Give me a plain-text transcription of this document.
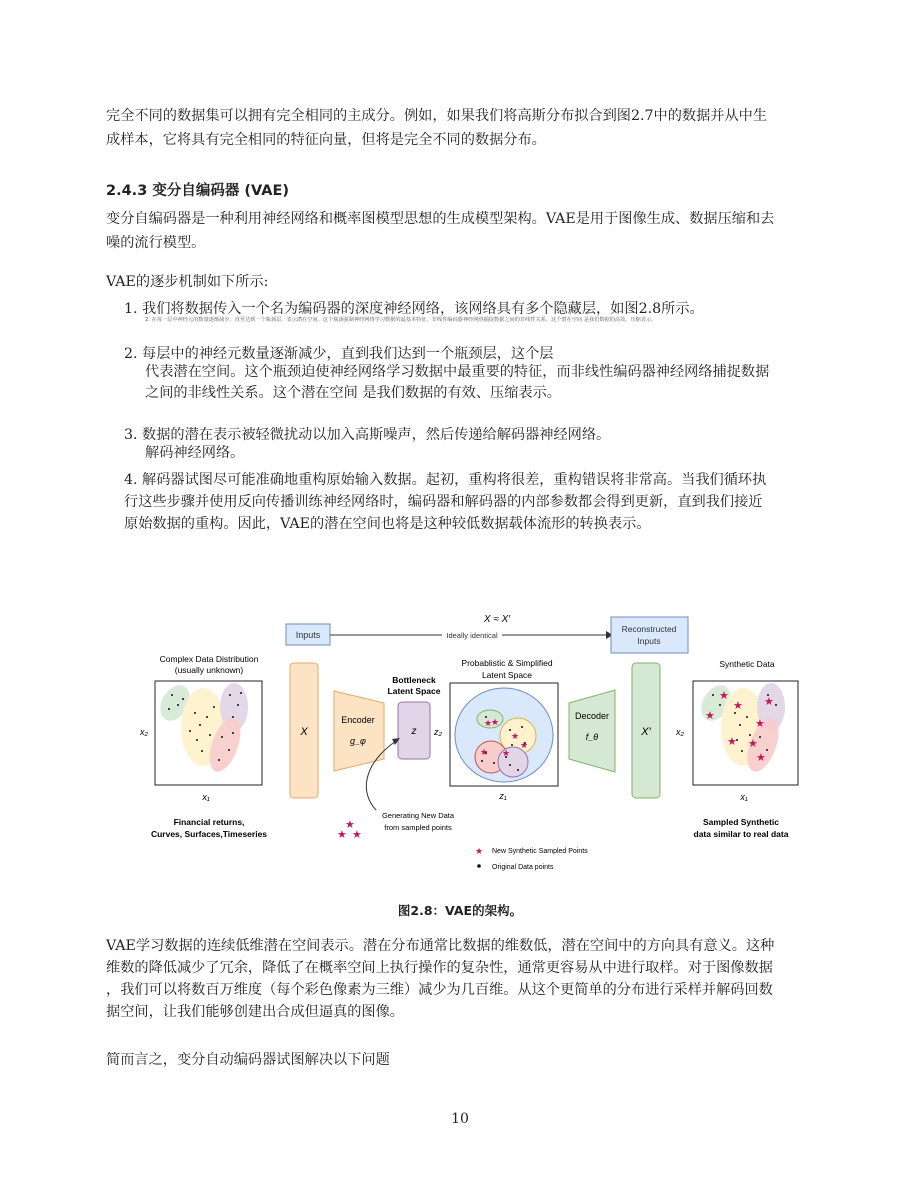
完全不同的数据集可以拥有完全相同的主成分。例如，如果我们将高斯分布拟合到图2.7中的数据并从中生

成样本，它将具有完全相同的特征向量，但将是完全不同的数据分布。

2.4.3 变分自编码器 (VAE)

变分自编码器是一种利用神经网络和概率图模型思想的生成模型架构。VAE是用于图像生成、数据压缩和去

噪的流行模型。

VAE的逐步机制如下所示:

1. 我们将数据传入一个名为编码器的深度神经网络，该网络具有多个隐藏层，如图2.8所示。

2. 在每一层中神经元的数量逐渐减少，直至达到一个瓶颈层，表示潜在空间。这个瓶颈强制神经网络学习数据的最基本特征，非线性编码器神经网络捕捉数据之间的非线性关系。这个潜在空间 是我们数据的高效、压缩表示。

2. 每层中的神经元数量逐渐减少，直到我们达到一个瓶颈层，这个层

代表潜在空间。这个瓶颈迫使神经网络学习数据中最重要的特征，而非线性编码器神经网络捕捉数据

之间的非线性关系。这个潜在空间 是我们数据的有效、压缩表示。

3. 数据的潜在表示被轻微扰动以加入高斯噪声，然后传递给解码器神经网络。

解码神经网络。

4. 解码器试图尽可能准确地重构原始输入数据。起初，重构将很差，重构错误将非常高。当我们循环执

行这些步骤并使用反向传播训练神经网络时，编码器和解码器的内部参数都会得到更新，直到我们接近

原始数据的重构。因此，VAE的潜在空间也将是这种较低数据载体流形的转换表示。

Inputs
X ≈ X′
Ideally identical
Reconstructed
Inputs
Complex Data Distribution
(usually unknown)
x₂
x₁
X
Encoder
g_φ
Bottleneck
Latent Space
z z₂
Probablistic & Simplified
Latent Space
★
★
★
★
★ ★
z₁
Decoder
f_θ	X′
Synthetic Data
★
★
★ ★
★
★ ★
★
x₂
x₁
★
★ ★
Generating New Data
from sampled points
Financial returns,
Curves, Surfaces,Timeseries
Sampled Synthetic
data similar to real data
★ New Synthetic Sampled Points
Original Data points
图2.8：VAE的架构。

VAE学习数据的连续低维潜在空间表示。潜在分布通常比数据的维数低，潜在空间中的方向具有意义。这种

维数的降低减少了冗余，降低了在概率空间上执行操作的复杂性，通常更容易从中进行取样。对于图像数据

，我们可以将数百万维度（每个彩色像素为三维）减少为几百维。从这个更简单的分布进行采样并解码回数

据空间，让我们能够创建出合成但逼真的图像。

简而言之，变分自动编码器试图解决以下问题

10
